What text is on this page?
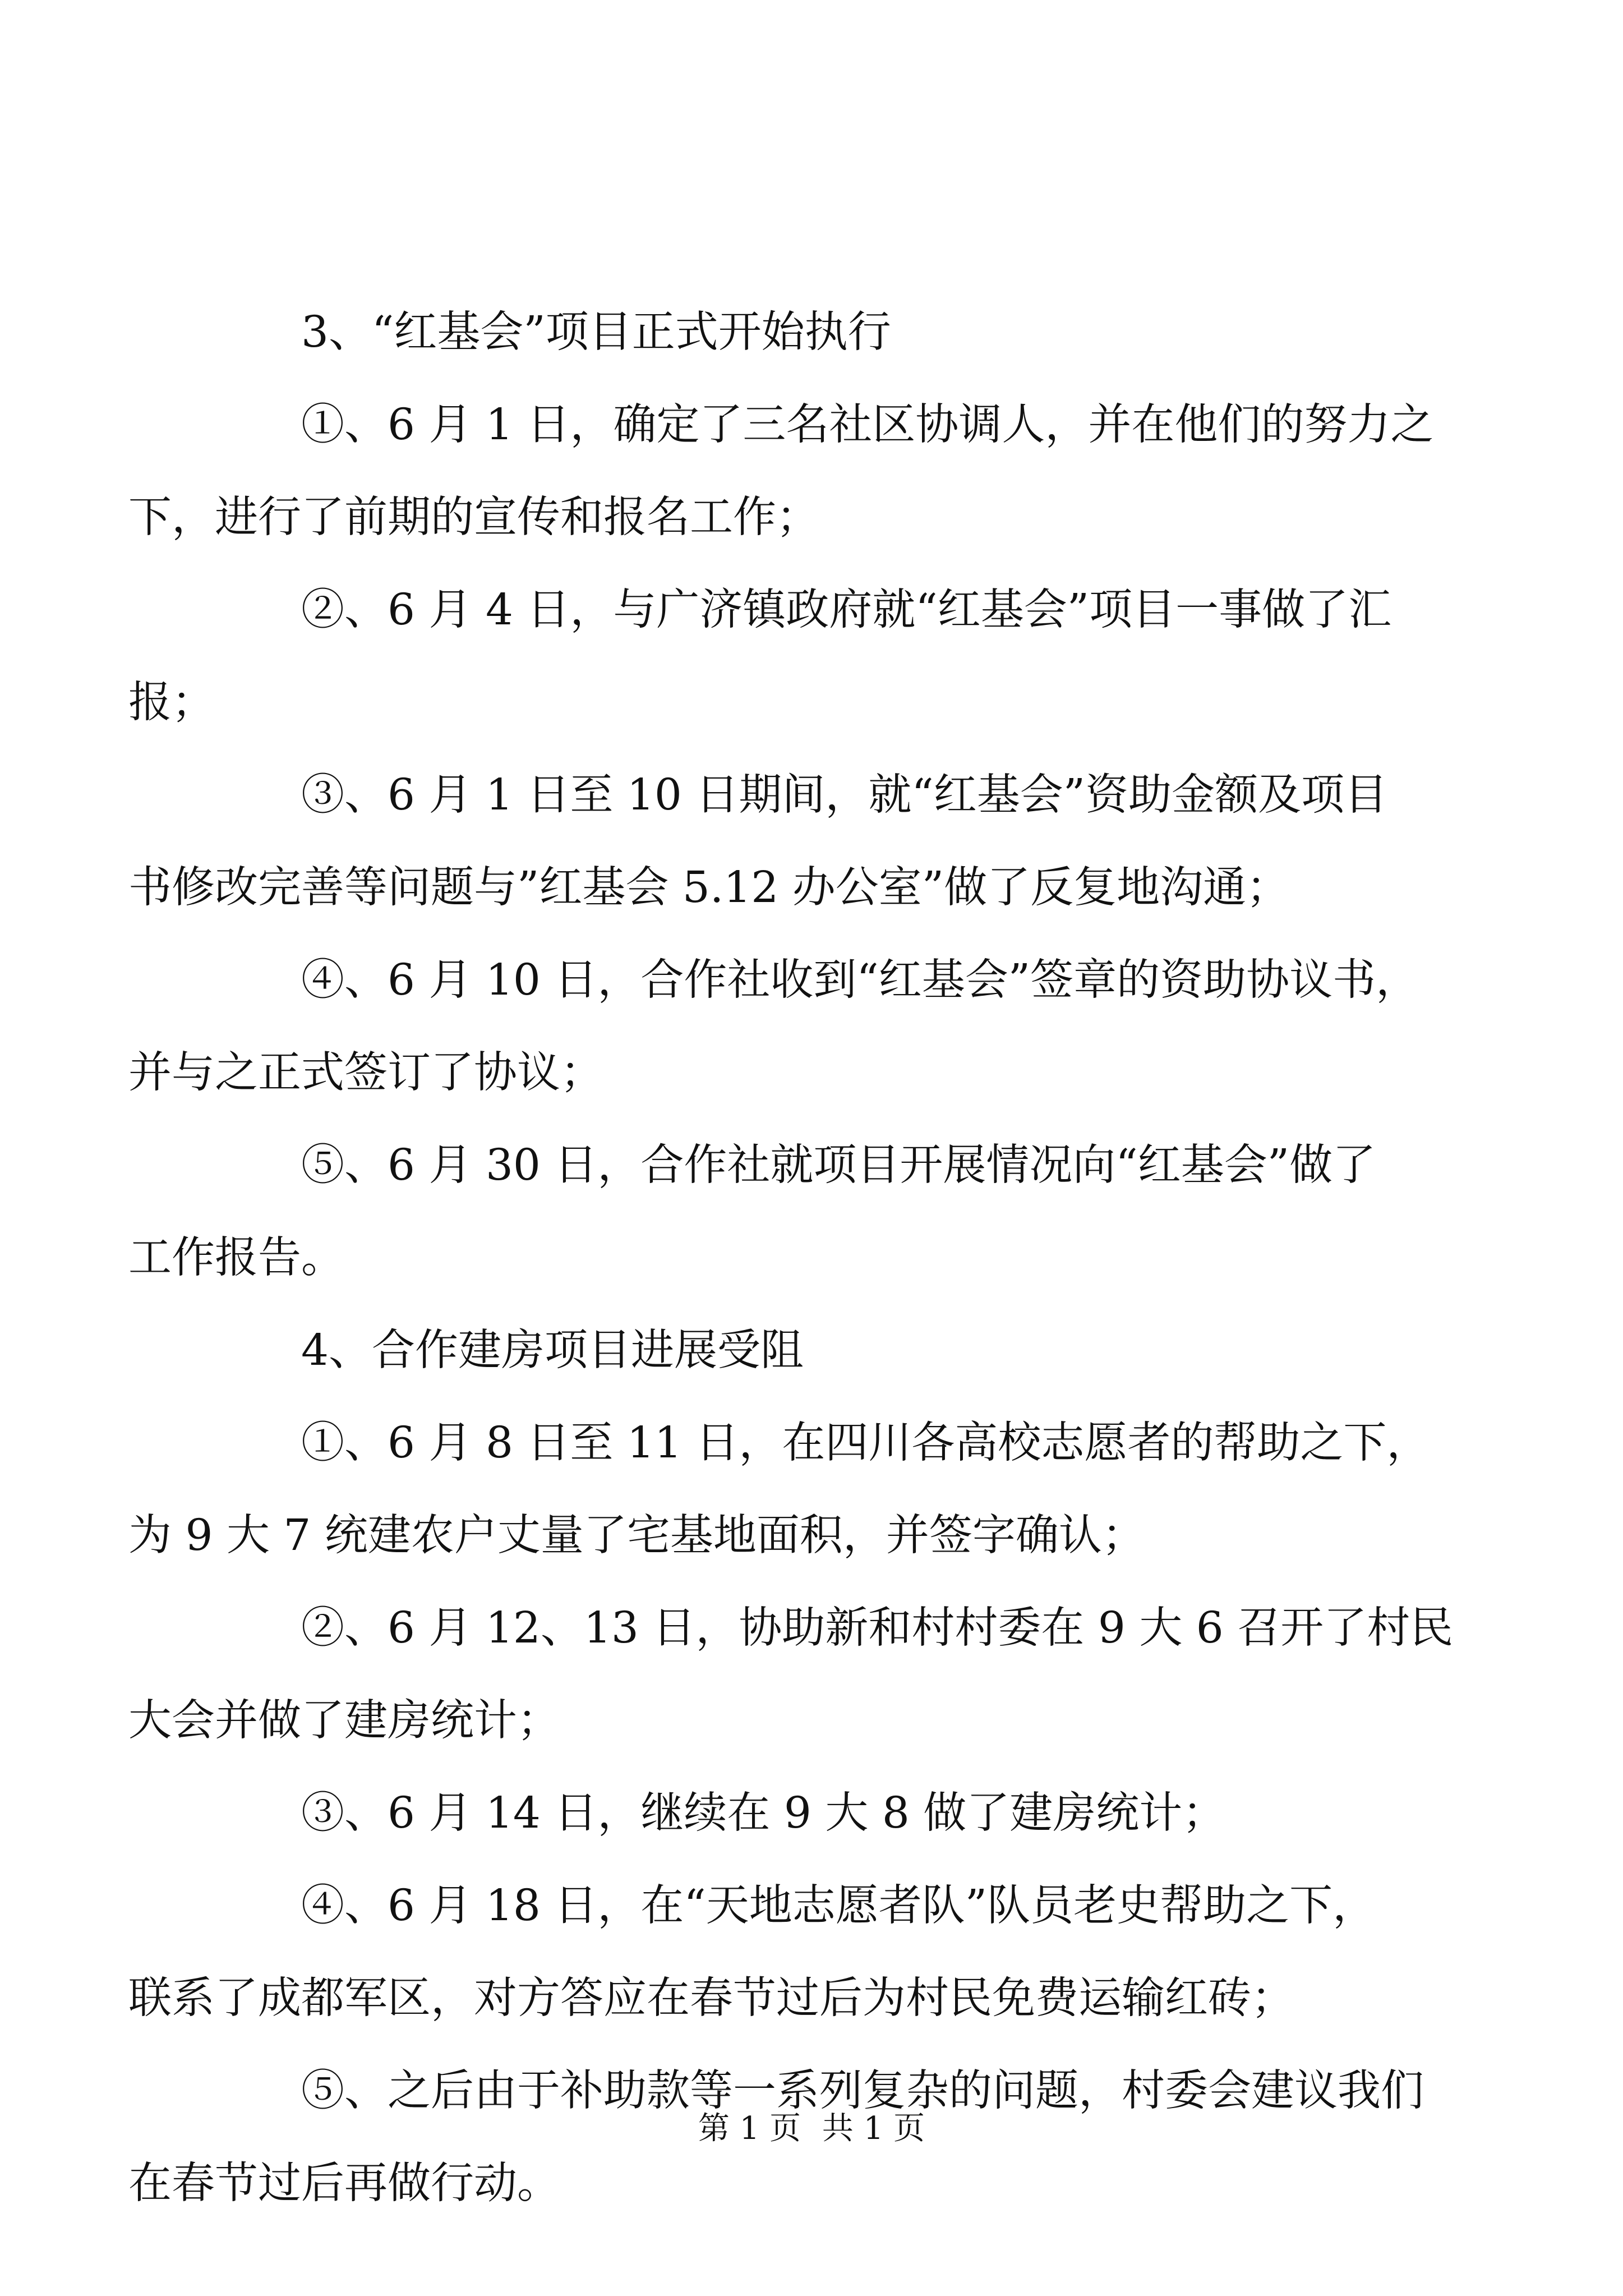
3、“红基会”项目正式开始执行

①、6 月 1 日，确定了三名社区协调人，并在他们的努力之
下，进行了前期的宣传和报名工作；

②、6 月 4 日，与广济镇政府就“红基会”项目一事做了汇
报；

③、6 月 1 日至 10 日期间，就“红基会”资助金额及项目
书修改完善等问题与”红基会 5.12 办公室”做了反复地沟通；

④、6 月 10 日，合作社收到“红基会”签章的资助协议书，
并与之正式签订了协议；

⑤、6 月 30 日，合作社就项目开展情况向“红基会”做了
工作报告。

4、合作建房项目进展受阻

①、6 月 8 日至 11 日，在四川各高校志愿者的帮助之下，
为 9 大 7 统建农户丈量了宅基地面积，并签字确认；

②、6 月 12、13 日，协助新和村村委在 9 大 6 召开了村民
大会并做了建房统计；

③、6 月 14 日，继续在 9 大 8 做了建房统计；

④、6 月 18 日，在“天地志愿者队”队员老史帮助之下，
联系了成都军区，对方答应在春节过后为村民免费运输红砖；

⑤、之后由于补助款等一系列复杂的问题，村委会建议我们
在春节过后再做行动。

第 1 页 共 1 页
